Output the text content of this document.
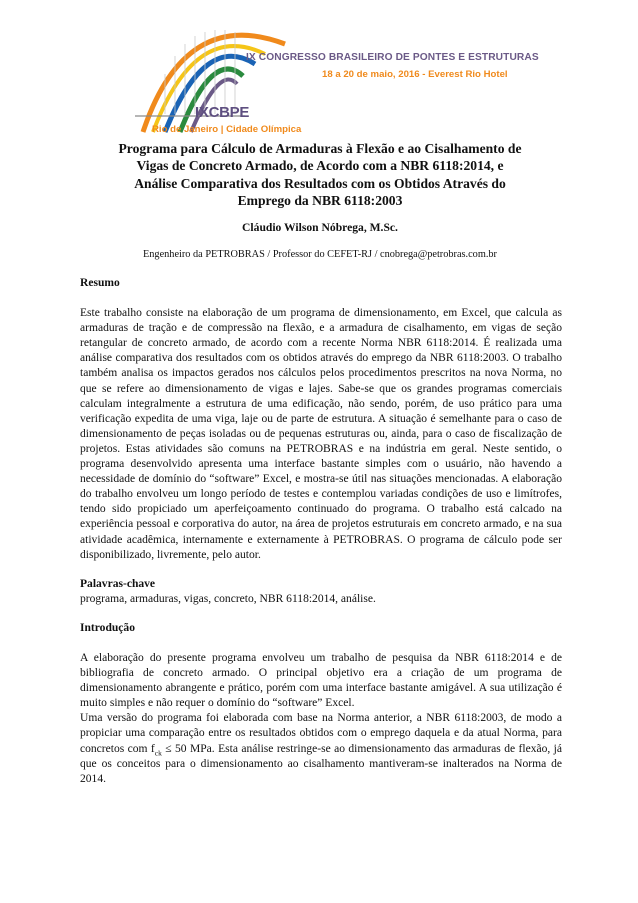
IX CONGRESSO BRASILEIRO DE PONTES E ESTRUTURAS
18 a 20 de maio, 2016 - Everest Rio Hotel
IXCBPE
Rio de Janeiro | Cidade Olímpica
Programa para Cálculo de Armaduras à Flexão e ao Cisalhamento de
Vigas de Concreto Armado, de Acordo com a NBR 6118:2014, e
Análise Comparativa dos Resultados com os Obtidos Através do
Emprego da NBR 6118:2003
Cláudio Wilson Nóbrega, M.Sc.
Engenheiro da PETROBRAS / Professor do CEFET-RJ / cnobrega@petrobras.com.br

Resumo

Este trabalho consiste na elaboração de um programa de dimensionamento, em Excel, que calcula as armaduras de tração e de compressão na flexão, e a armadura de cisalhamento, em vigas de seção retangular de concreto armado, de acordo com a recente Norma NBR 6118:2014. É realizada uma análise comparativa dos resultados com os obtidos através do emprego da NBR 6118:2003. O trabalho também analisa os impactos gerados nos cálculos pelos procedimentos prescritos na nova Norma, no que se refere ao dimensionamento de vigas e lajes. Sabe-se que os grandes programas comerciais calculam integralmente a estrutura de uma edificação, não sendo, porém, de uso prático para uma verificação expedita de uma viga, laje ou de parte de estrutura. A situação é semelhante para o caso de dimensionamento de peças isoladas ou de pequenas estruturas ou, ainda, para o caso de fiscalização de projetos. Estas atividades são comuns na PETROBRAS e na indústria em geral. Neste sentido, o programa desenvolvido apresenta uma interface bastante simples com o usuário, não havendo a necessidade de domínio do “software” Excel, e mostra-se útil nas situações mencionadas. A elaboração do trabalho envolveu um longo período de testes e contemplou variadas condições de uso e limítrofes, tendo sido propiciado um aperfeiçoamento continuado do programa. O trabalho está calcado na experiência pessoal e corporativa do autor, na área de projetos estruturais em concreto armado, e na sua atividade acadêmica, internamente e externamente à PETROBRAS. O programa de cálculo pode ser disponibilizado, livremente, pelo autor.

Palavras-chave

programa, armaduras, vigas, concreto, NBR 6118:2014, análise.

Introdução

A elaboração do presente programa envolveu um trabalho de pesquisa da NBR 6118:2014 e de bibliografia de concreto armado. O principal objetivo era a criação de um programa de dimensionamento abrangente e prático, porém com uma interface bastante amigável. A sua utilização é muito simples e não requer o domínio do “software” Excel.

Uma versão do programa foi elaborada com base na Norma anterior, a NBR 6118:2003, de modo a propiciar uma comparação entre os resultados obtidos com o emprego daquela e da atual Norma, para concretos com $f_{ck} \le 50$ MPa. Esta análise restringe-se ao dimensionamento das armaduras de flexão, já que os conceitos para o dimensionamento ao cisalhamento mantiveram-se inalterados na Norma de 2014.
